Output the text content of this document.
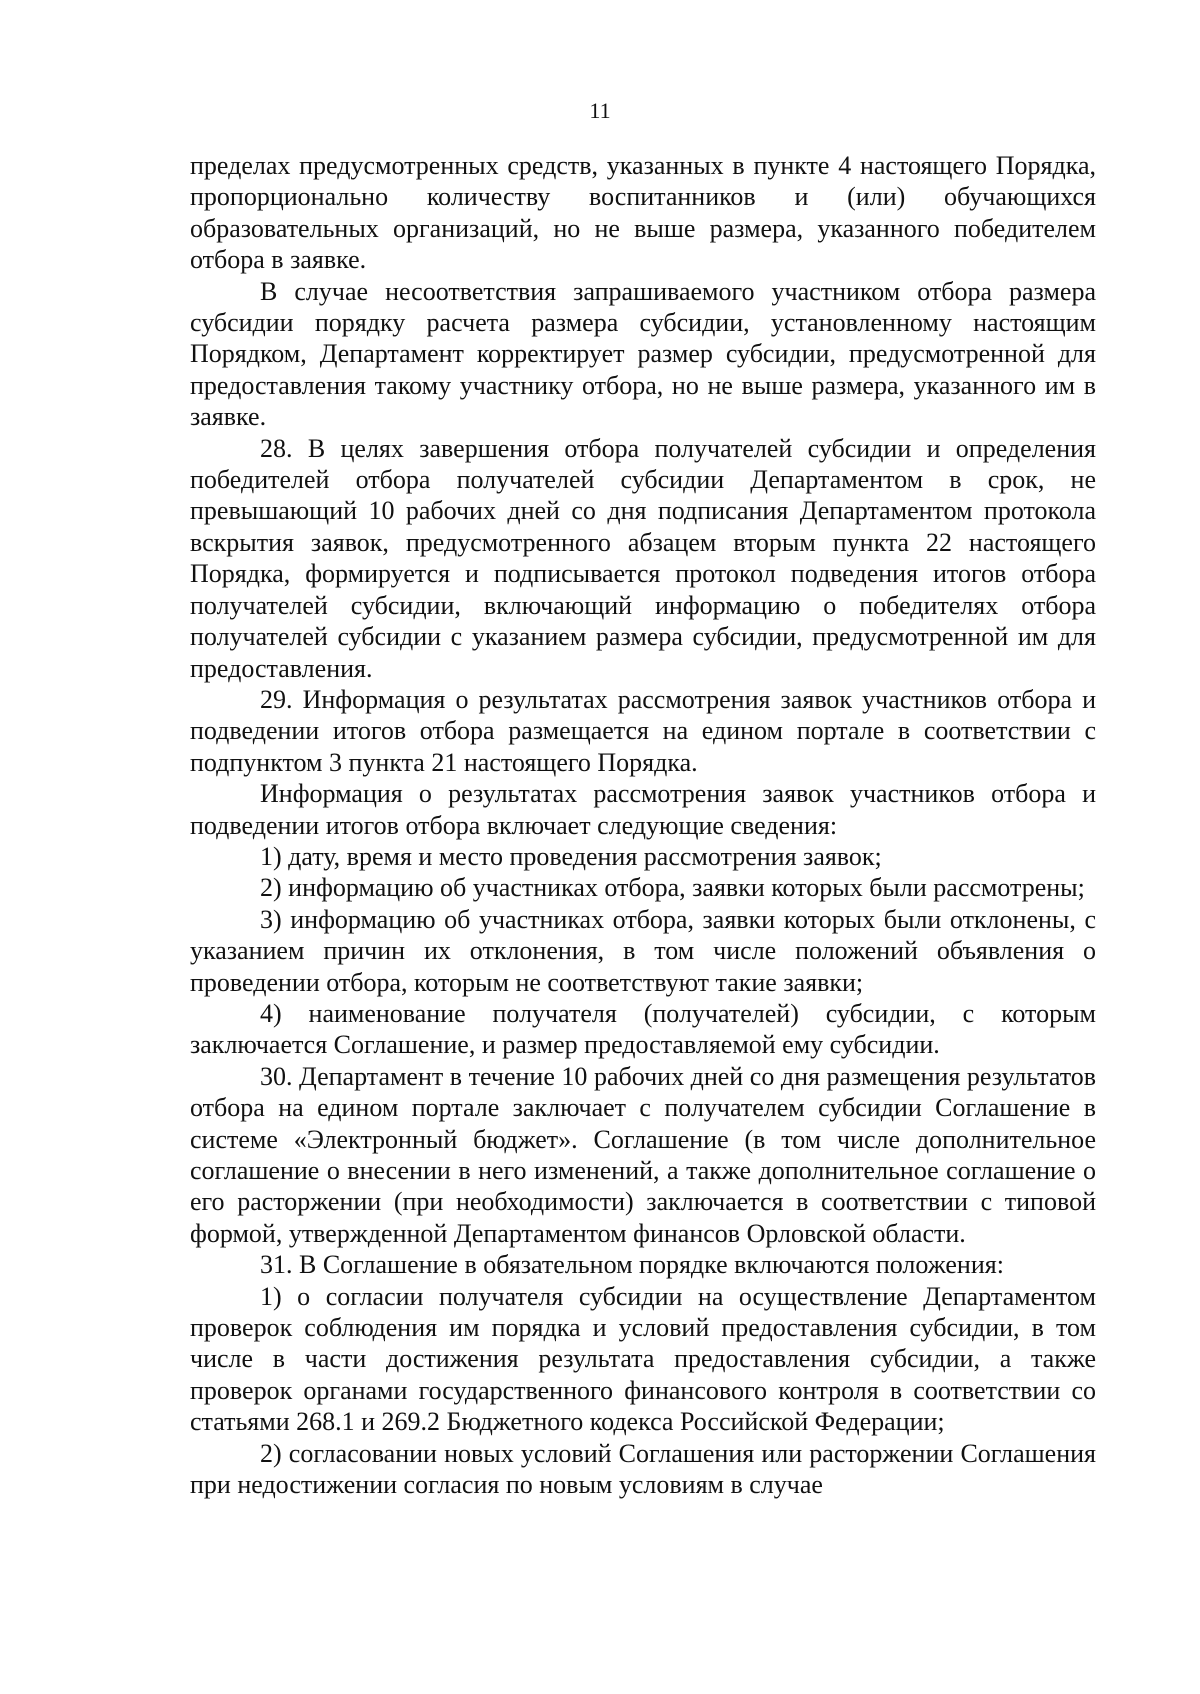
11

пределах предусмотренных средств, указанных в пункте 4 настоящего Порядка, пропорционально количеству воспитанников и (или) обучающихся образовательных организаций, но не выше размера, указанного победителем отбора в заявке.

В случае несоответствия запрашиваемого участником отбора размера субсидии порядку расчета размера субсидии, установленному настоящим Порядком, Департамент корректирует размер субсидии, предусмотренной для предоставления такому участнику отбора, но не выше размера, указанного им в заявке.

28. В целях завершения отбора получателей субсидии и определения победителей отбора получателей субсидии Департаментом в срок, не превышающий 10 рабочих дней со дня подписания Департаментом протокола вскрытия заявок, предусмотренного абзацем вторым пункта 22 настоящего Порядка, формируется и подписывается протокол подведения итогов отбора получателей субсидии, включающий информацию о победителях отбора получателей субсидии с указанием размера субсидии, предусмотренной им для предоставления.

29. Информация о результатах рассмотрения заявок участников отбора и подведении итогов отбора размещается на едином портале в соответствии с подпунктом 3 пункта 21 настоящего Порядка.

Информация о результатах рассмотрения заявок участников отбора и подведении итогов отбора включает следующие сведения:

1) дату, время и место проведения рассмотрения заявок;

2) информацию об участниках отбора, заявки которых были рассмотрены;

3) информацию об участниках отбора, заявки которых были отклонены, с указанием причин их отклонения, в том числе положений объявления о проведении отбора, которым не соответствуют такие заявки;

4) наименование получателя (получателей) субсидии, с которым заключается Соглашение, и размер предоставляемой ему субсидии.

30. Департамент в течение 10 рабочих дней со дня размещения результатов отбора на едином портале заключает с получателем субсидии Соглашение в системе «Электронный бюджет». Соглашение (в том числе дополнительное соглашение о внесении в него изменений, а также дополнительное соглашение о его расторжении (при необходимости) заключается в соответствии с типовой формой, утвержденной Департаментом финансов Орловской области.

31. В Соглашение в обязательном порядке включаются положения:

1) о согласии получателя субсидии на осуществление Департаментом проверок соблюдения им порядка и условий предоставления субсидии, в том числе в части достижения результата предоставления субсидии, а также проверок органами государственного финансового контроля в соответствии со статьями 268.1 и 269.2 Бюджетного кодекса Российской Федерации;

2) согласовании новых условий Соглашения или расторжении Соглашения при недостижении согласия по новым условиям в случае
